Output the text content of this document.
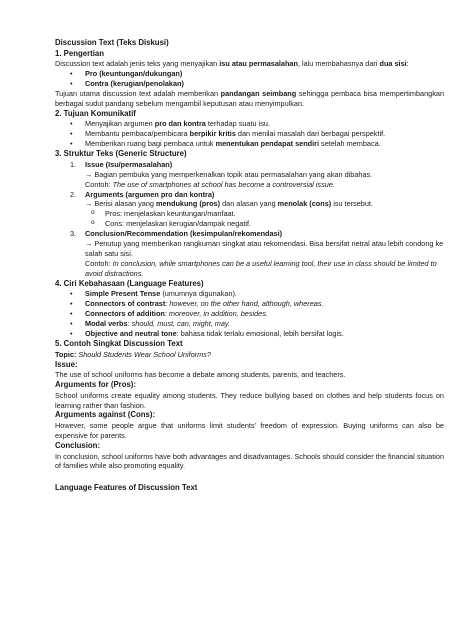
Discussion Text (Teks Diskusi)

1. Pengertian

Discussion text adalah jenis teks yang menyajikan isu atau permasalahan, lalu membahasnya dari dua sisi:

• Pro (keuntungan/dukungan)
• Contra (kerugian/penolakan)

Tujuan utama discussion text adalah memberikan pandangan seimbang sehingga pembaca bisa mempertimbangkan berbagai sudut pandang sebelum mengambil keputusan atau menyimpulkan.

2. Tujuan Komunikatif

• Menyajikan argumen pro dan kontra terhadap suatu isu.
• Membantu pembaca/pembicara berpikir kritis dan menilai masalah dari berbagai perspektif.
• Memberikan ruang bagi pembaca untuk menentukan pendapat sendiri setelah membaca.

3. Struktur Teks (Generic Structure)

1. Issue (Isu/permasalahan)

→ Bagian pembuka yang memperkenalkan topik atau permasalahan yang akan dibahas.

Contoh: The use of smartphones at school has become a controversial issue.

2. Arguments (argumen pro dan kontra)

→ Berisi alasan yang mendukung (pros) dan alasan yang menolak (cons) isu tersebut.

o Pros: menjelaskan keuntungan/manfaat.
o Cons: menjelaskan kerugian/dampak negatif.
3. Conclusion/Recommendation (kesimpulan/rekomendasi)

→ Penutup yang memberikan rangkuman singkat atau rekomendasi. Bisa bersifat netral atau lebih condong ke salah satu sisi.

Contoh: In conclusion, while smartphones can be a useful learning tool, their use in class should be limited to avoid distractions.

4. Ciri Kebahasaan (Language Features)

• Simple Present Tense (umumnya digunakan).
• Connectors of contrast: however, on the other hand, although, whereas.
• Connectors of addition: moreover, in addition, besides.
• Modal verbs: should, must, can, might, may.
• Objective and neutral tone: bahasa tidak terlalu emosional, lebih bersifat logis.

5. Contoh Singkat Discussion Text

Topic: Should Students Wear School Uniforms?

Issue:

The use of school uniforms has become a debate among students, parents, and teachers.

Arguments for (Pros):

School uniforms create equality among students. They reduce bullying based on clothes and help students focus on learning rather than fashion.

Arguments against (Cons):

However, some people argue that uniforms limit students’ freedom of expression. Buying uniforms can also be expensive for parents.

Conclusion:

In conclusion, school uniforms have both advantages and disadvantages. Schools should consider the financial situation of families while also promoting equality.

Language Features of Discussion Text
